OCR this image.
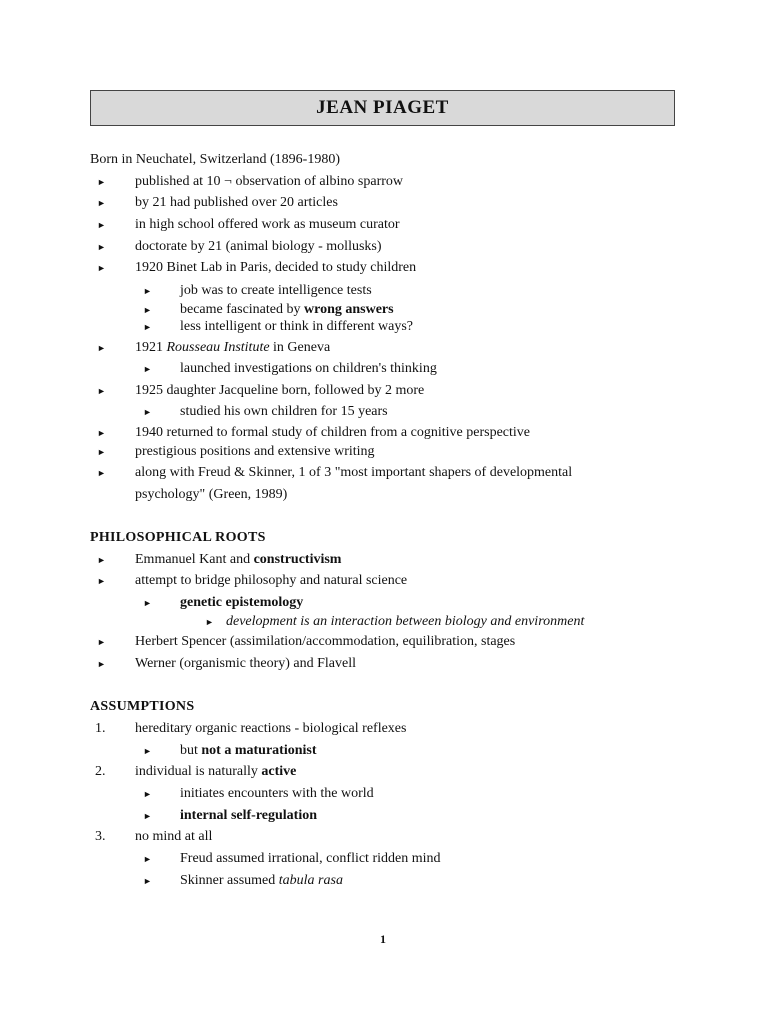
JEAN PIAGET
Born in Neuchatel, Switzerland (1896-1980)
► published at 10 ¬ observation of albino sparrow
► by 21 had published over 20 articles
► in high school offered work as museum curator
► doctorate by 21 (animal biology - mollusks)
► 1920 Binet Lab in Paris, decided to study children
► job was to create intelligence tests
► became fascinated by wrong answers
► less intelligent or think in different ways?
► 1921 Rousseau Institute in Geneva
► launched investigations on children's thinking
► 1925 daughter Jacqueline born, followed by 2 more
► studied his own children for 15 years
► 1940 returned to formal study of children from a cognitive perspective
► prestigious positions and extensive writing
► along with Freud & Skinner, 1 of 3 "most important shapers of developmental
psychology" (Green, 1989)
PHILOSOPHICAL ROOTS
► Emmanuel Kant and constructivism
► attempt to bridge philosophy and natural science
► genetic epistemology
► development is an interaction between biology and environment
► Herbert Spencer (assimilation/accommodation, equilibration, stages
► Werner (organismic theory) and Flavell
ASSUMPTIONS
1. hereditary organic reactions - biological reflexes
► but not a maturationist
2. individual is naturally active
► initiates encounters with the world
► internal self-regulation
3. no mind at all
► Freud assumed irrational, conflict ridden mind
► Skinner assumed tabula rasa
1
